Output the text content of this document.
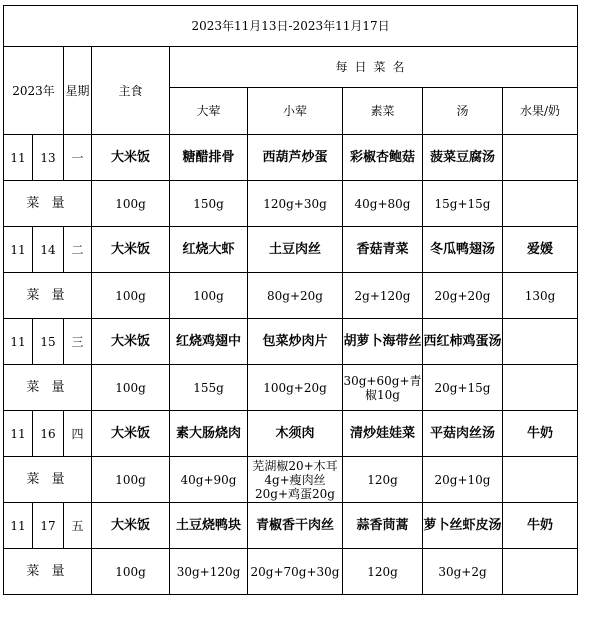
2023年11月13日-2023年11月17日								
2023年		星期	主食	每日菜名				
				大荤	小荤	素菜	汤	水果/奶
11	13	一	大米饭	糖醋排骨	西葫芦炒蛋	彩椒杏鲍菇	菠菜豆腐汤	
菜 量			100g	150g	120g+30g	40g+80g	15g+15g	
11	14	二	大米饭	红烧大虾	土豆肉丝	香菇青菜	冬瓜鸭翅汤	爱媛
菜 量			100g	100g	80g+20g	2g+120g	20g+20g	130g
11	15	三	大米饭	红烧鸡翅中	包菜炒肉片	胡萝卜海带丝	西红柿鸡蛋汤	
菜 量			100g	155g	100g+20g	30g+60g+青椒10g	20g+15g	
11	16	四	大米饭	素大肠烧肉	木须肉	清炒娃娃菜	平菇肉丝汤	牛奶
菜 量			100g	40g+90g	芜湖椒20+木耳4g+瘦肉丝20g+鸡蛋20g	120g	20g+10g	
11	17	五	大米饭	土豆烧鸭块	青椒香干肉丝	蒜香茼蒿	萝卜丝虾皮汤	牛奶
菜 量			100g	30g+120g	20g+70g+30g	120g	30g+2g	
